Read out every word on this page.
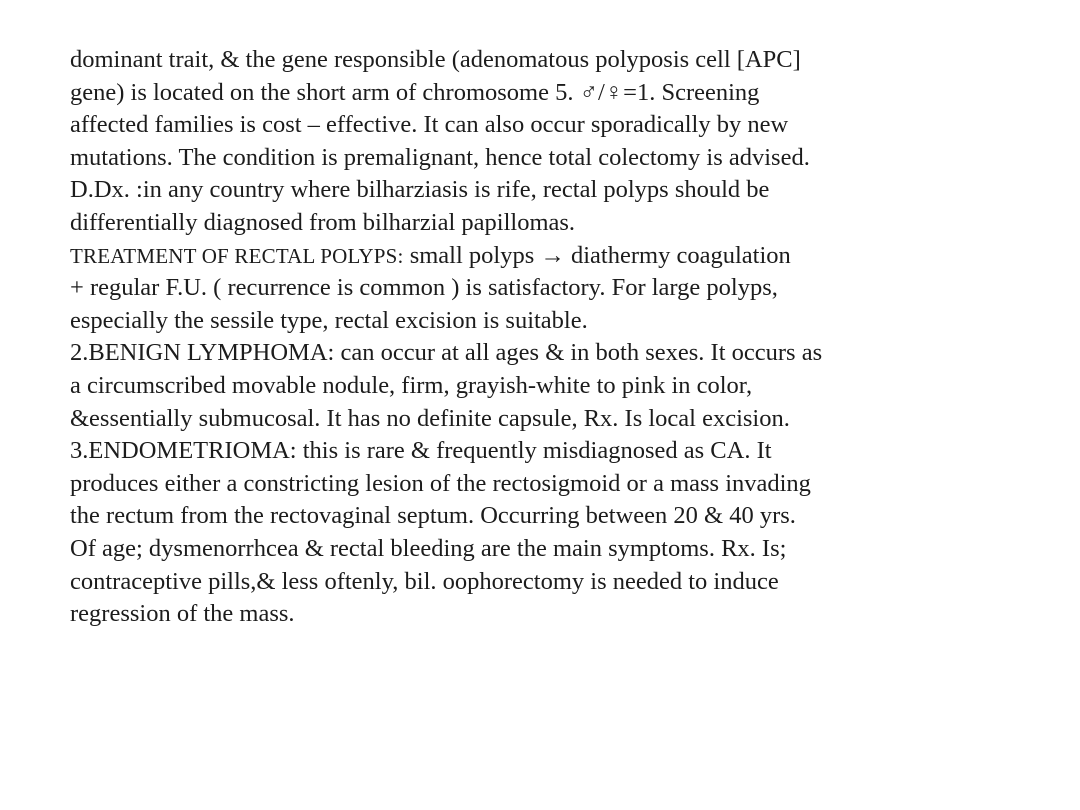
dominant trait, & the gene responsible (adenomatous polyposis cell [APC]
gene) is located on the short arm of chromosome 5. ♂/♀=1. Screening
affected families is cost – effective. It can also occur sporadically by new
mutations. The condition is premalignant, hence total colectomy is advised.
D.Dx. :in any country where bilharziasis is rife, rectal polyps should be
differentially diagnosed from bilharzial papillomas.
TREATMENT OF RECTAL POLYPS: small polyps → diathermy coagulation
+ regular F.U. ( recurrence is common ) is satisfactory. For large polyps,
especially the sessile type, rectal excision is suitable.
2.BENIGN LYMPHOMA: can occur at all ages & in both sexes. It occurs as
a circumscribed movable nodule, firm, grayish-white to pink in color,
&essentially submucosal. It has no definite capsule, Rx. Is local excision.
3.ENDOMETRIOMA: this is rare & frequently misdiagnosed as CA. It
produces either a constricting lesion of the rectosigmoid or a mass invading
the rectum from the rectovaginal septum. Occurring between 20 & 40 yrs.
Of age; dysmenorrhcea & rectal bleeding are the main symptoms. Rx. Is;
contraceptive pills,& less oftenly, bil. oophorectomy is needed to induce
regression of the mass.
